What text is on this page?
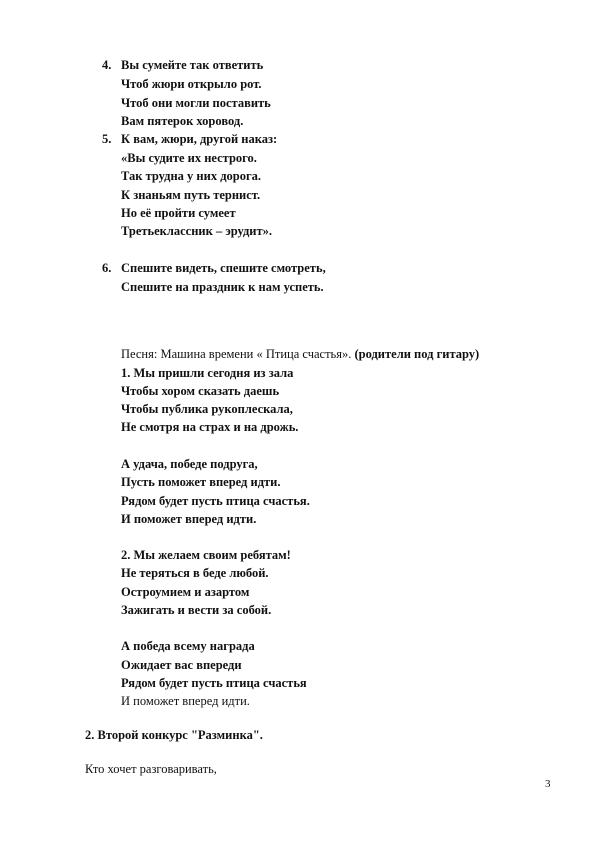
4. Вы сумейте так ответить
Чтоб жюри открыло рот.
Чтоб они могли поставить
Вам пятерок хоровод.
5. К вам, жюри, другой наказ:
«Вы судите их нестрого.
Так трудна у них дорога.
К знаньям путь тернист.
Но её пройти сумеет
Третьеклассник – эрудит».
6. Спешите видеть, спешите смотреть,
Спешите на праздник к нам успеть.
Песня: Машина времени « Птица счастья». (родители под гитару)
1. Мы пришли сегодня из зала
Чтобы хором сказать даешь
Чтобы публика рукоплескала,
Не смотря на страх и на дрожь.
А удача, победе подруга,
Пусть поможет вперед идти.
Рядом будет пусть птица счастья.
И поможет вперед идти.
2. Мы желаем своим ребятам!
Не теряться в беде любой.
Остроумием и азартом
Зажигать и вести за собой.
А победа всему награда
Ожидает вас впереди
Рядом будет пусть птица счастья
И поможет вперед идти.
2. Второй конкурс "Разминка".
Кто хочет разговаривать,
3
